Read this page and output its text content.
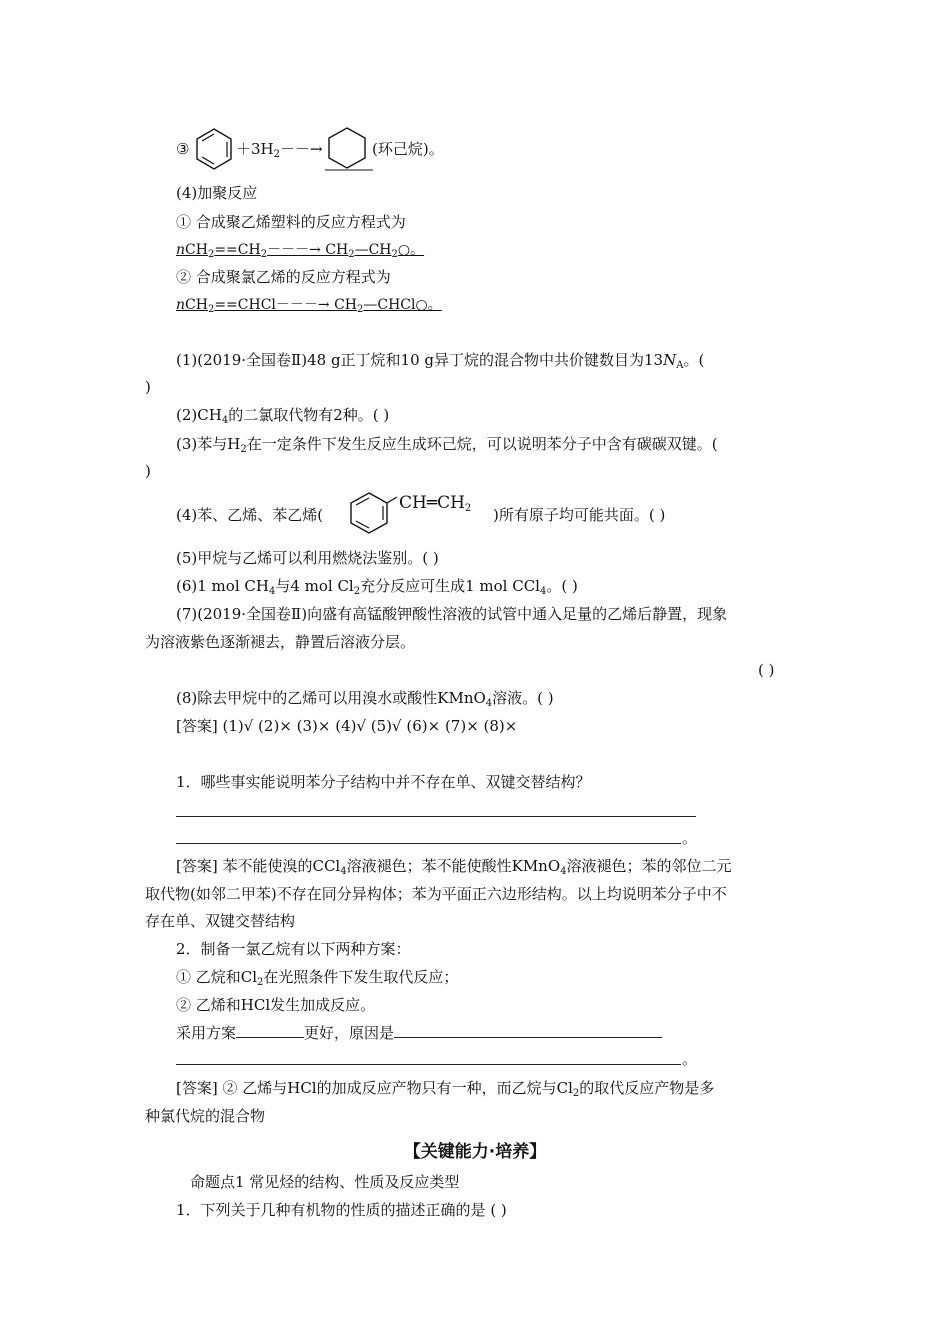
③	$+3H_2--\to$	(环己烷)。
(4)加聚反应
① 合成聚乙烯塑料的反应方程式为
$nCH_2==CH_2---\to$ $CH_2—CH_2○$。
② 合成聚氯乙烯的反应方程式为
nCH$_2$==CHCl－－－→ $CH_2—CHCl○$。
(1)(2019·全国卷Ⅱ)48 g正丁烷和10 g异丁烷的混合物中共价键数目为$13N_A$。(
)
$(2)CH_4$的二氯取代物有2种。( )
(3)苯与$H_2$在一定条件下发生反应生成环己烷，可以说明苯分子中含有碳碳双键。(
)
(4)苯、乙烯、苯乙烯(
$CH═CH_2$ )所有原子均可能共面。( )
(5)甲烷与乙烯可以利用燃烧法鉴别。( )
(6)1 mol $CH_4$与4 mol $Cl_2$充分反应可生成1 mol CCl$_4$。( )
(7)(2019·全国卷Ⅱ)向盛有高锰酸钾酸性溶液的试管中通入足量的乙烯后静置，现象
为溶液紫色逐渐褪去，静置后溶液分层。
( )
(8)除去甲烷中的乙烯可以用溴水或酸性KMnO$_4$溶液。( )
[答案] (1)√ (2)× (3)× (4)√ (5)√ (6)× (7)× (8)×
1．哪些事实能说明苯分子结构中并不存在单、双键交替结构？
。
[答案] 苯不能使溴的CCl$_4$溶液褪色；苯不能使酸性KMnO$_4$溶液褪色；苯的邻位二元
取代物(如邻二甲苯)不存在同分异构体；苯为平面正六边形结构。以上均说明苯分子中不
存在单、双键交替结构
2．制备一氯乙烷有以下两种方案：
① 乙烷和$Cl_2$在光照条件下发生取代反应；
② 乙烯和HCl发生加成反应。
采用方案	更好，原因是
。
[答案] ② 乙烯与HCl的加成反应产物只有一种，而乙烷与$Cl_2$的取代反应产物是多
种氯代烷的混合物
【关键能力·培养】
命题点1 常见烃的结构、性质及反应类型
1．下列关于几种有机物的性质的描述正确的是 ( )
